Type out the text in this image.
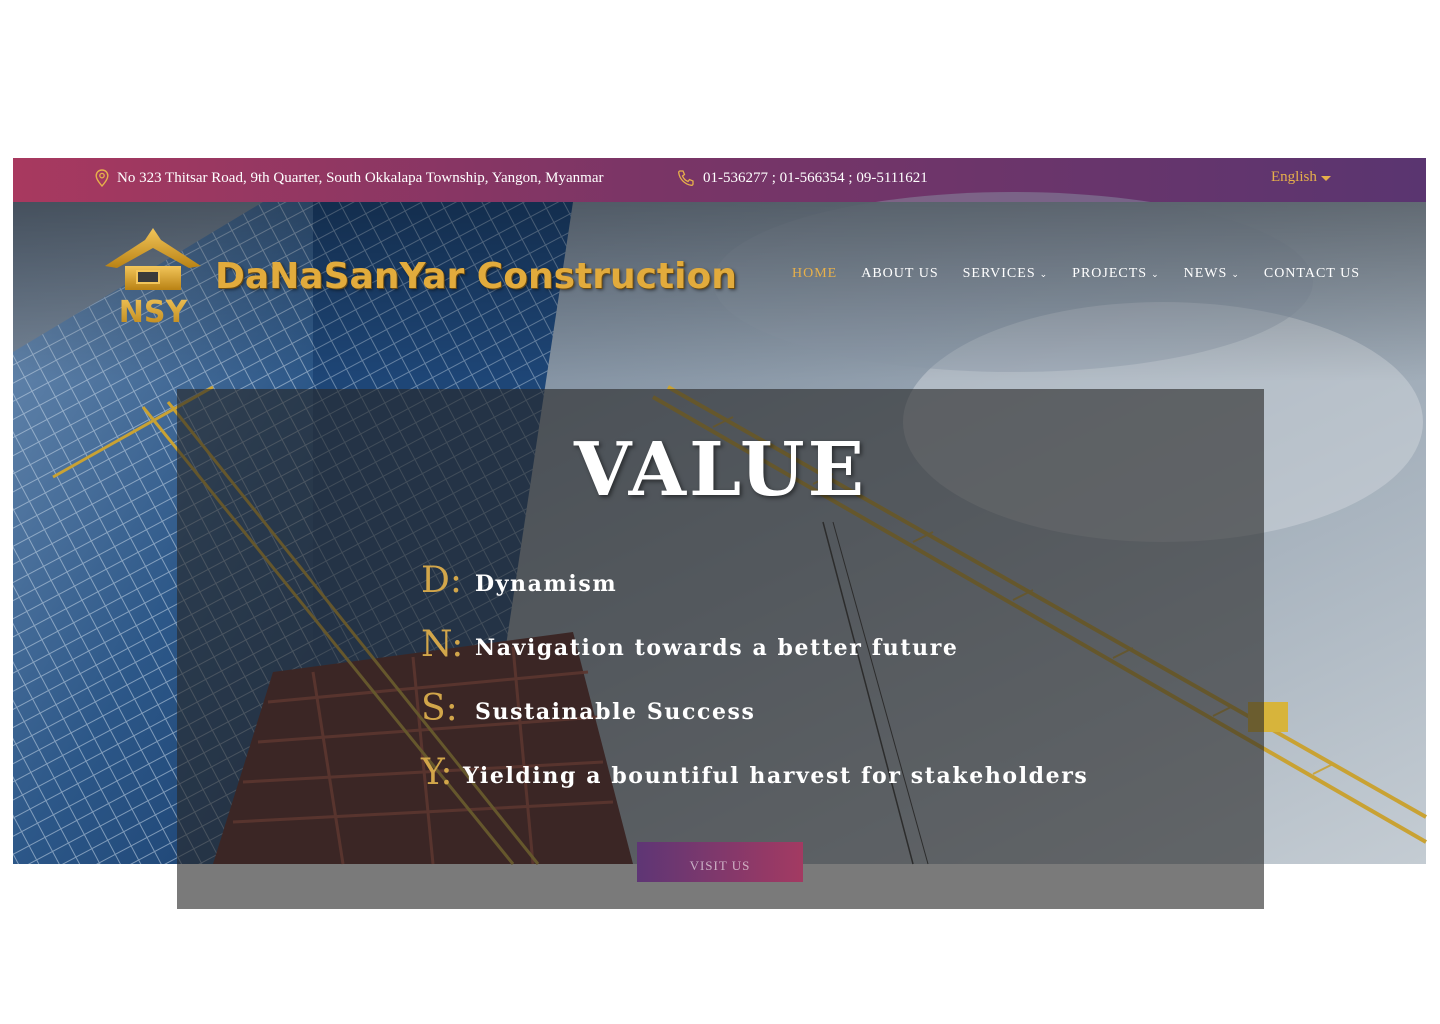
No 323 Thitsar Road, 9th Quarter, South Okkalapa Township, Yangon, Myanmar	01-536277 ; 01-566354 ; 09-5111621	English
NSY
DaNaSanYar Construction	HOME ABOUT US SERVICES ⌄ PROJECTS ⌄ NEWS ⌄ CONTACT US
VALUE
D: Dynamism
N: Navigation towards a better future
S: Sustainable Success
Y: Yielding a bountiful harvest for stakeholders
VISIT US
